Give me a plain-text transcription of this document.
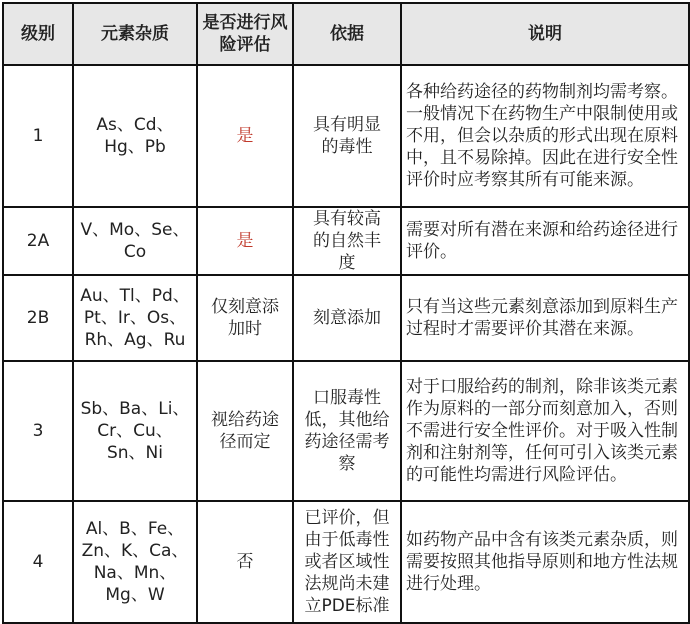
级别	元素杂质	是否进行风险评估	依据	说明
1	As、Cd、Hg、Pb	是	具有明显的毒性	各种给药途径的药物制剂均需考察。一般情况下在药物生产中限制使用或不用，但会以杂质的形式出现在原料中，且不易除掉。因此在进行安全性评价时应考察其所有可能来源。
2A	V、Mo、Se、Co	是	具有较高的自然丰度	需要对所有潜在来源和给药途径进行评价。
2B	Au、Tl、Pd、Pt、Ir、Os、Rh、Ag、Ru	仅刻意添加时	刻意添加	只有当这些元素刻意添加到原料生产过程时才需要评价其潜在来源。
3	Sb、Ba、Li、Cr、Cu、Sn、Ni	视给药途径而定	口服毒性低，其他给药途径需考察	对于口服给药的制剂，除非该类元素作为原料的一部分而刻意加入，否则不需进行安全性评价。对于吸入性制剂和注射剂等，任何可引入该类元素的可能性均需进行风险评估。
4	Al、B、Fe、Zn、K、Ca、Na、Mn、Mg、W	否	已评价，但由于低毒性或者区域性法规尚未建立PDE标准	如药物产品中含有该类元素杂质，则需要按照其他指导原则和地方性法规进行处理。
